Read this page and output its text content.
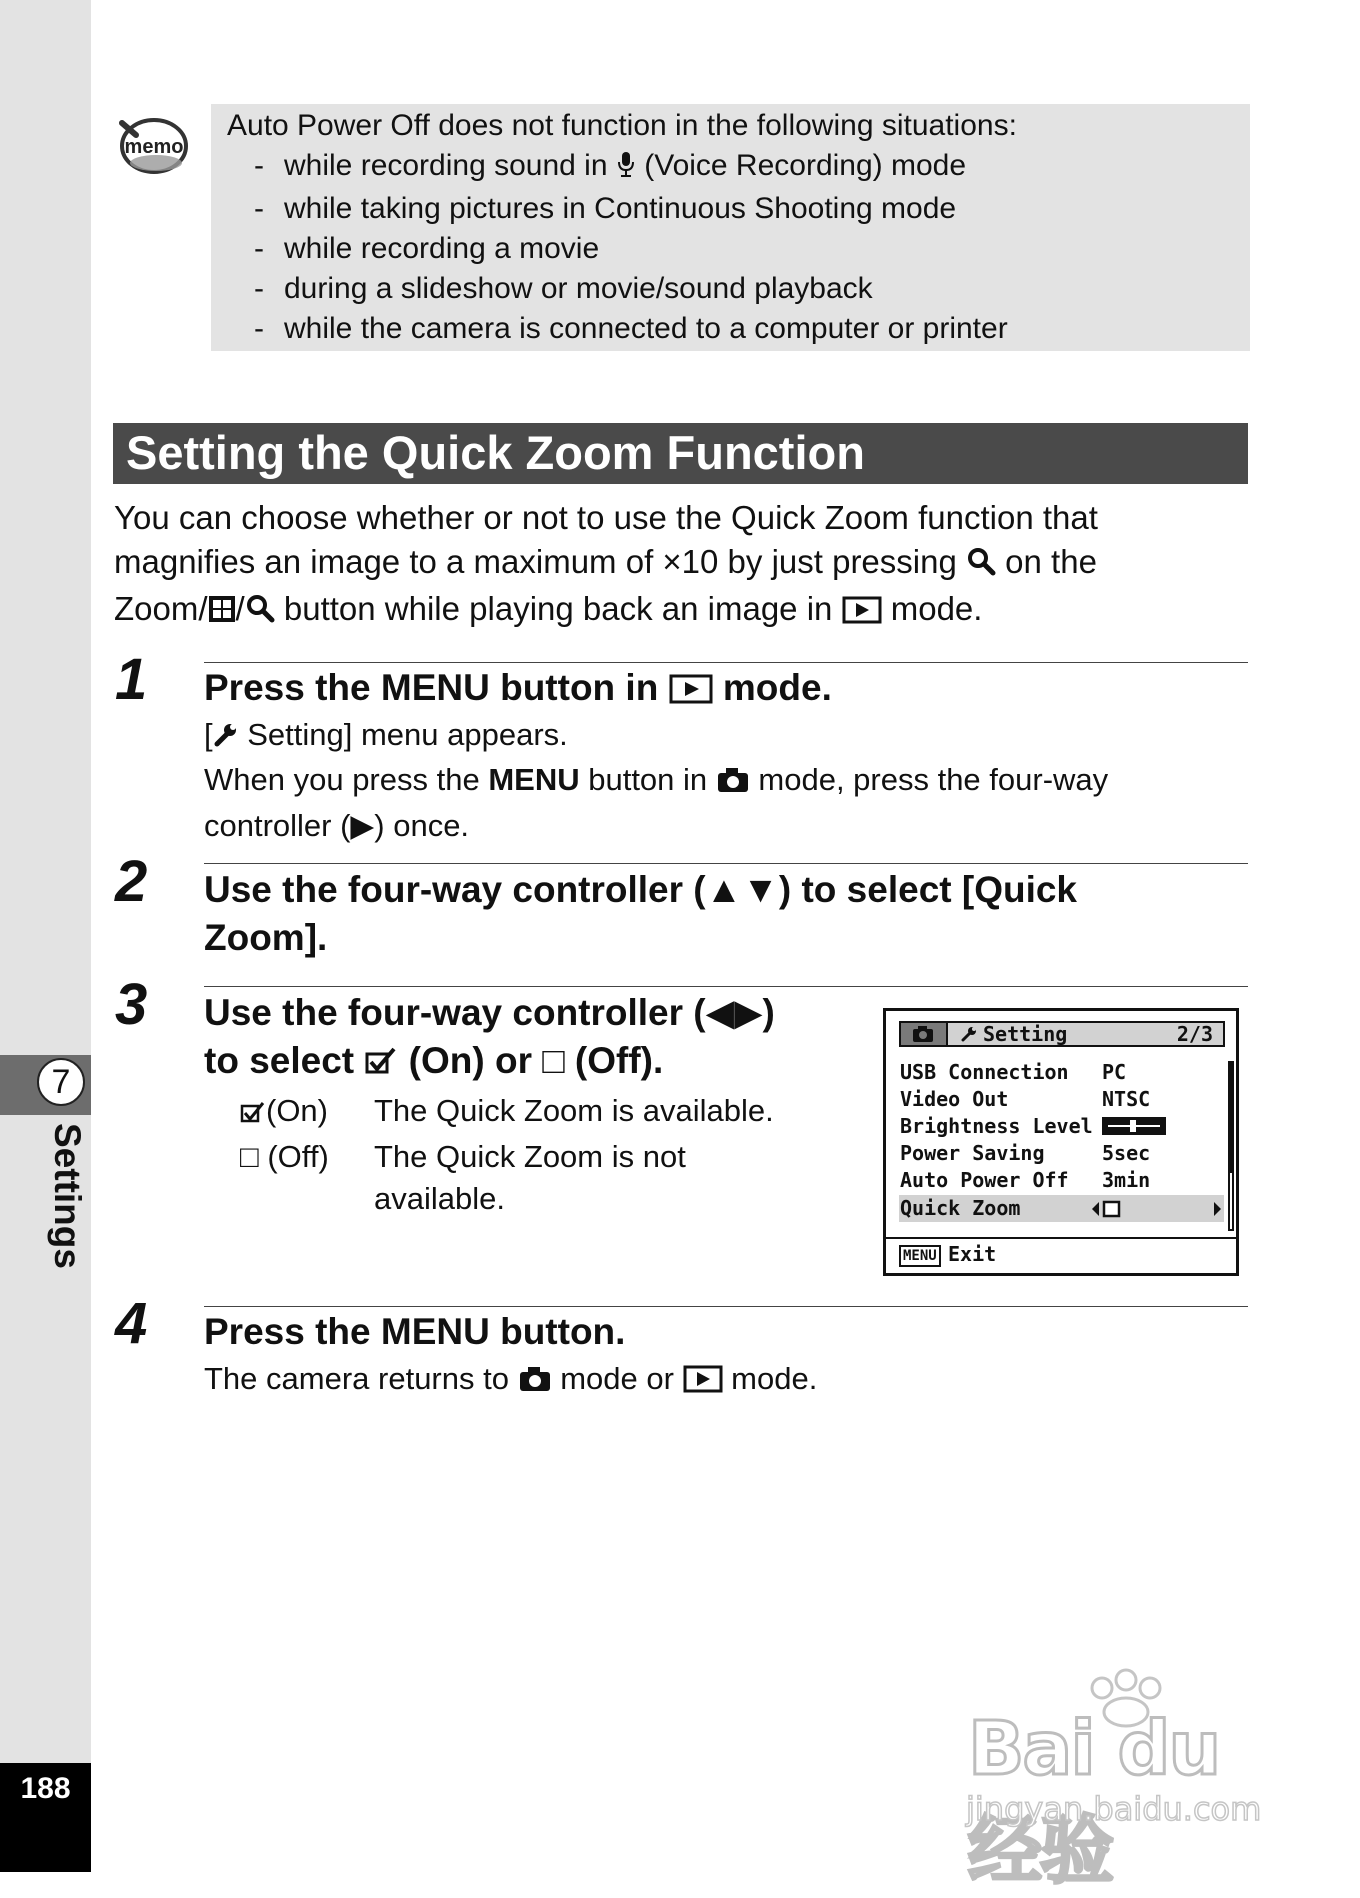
7
Settings
188
memo
Auto Power Off does not function in the following situations:
- while recording sound in (Voice Recording) mode
- while taking pictures in Continuous Shooting mode
- while recording a movie
- during a slideshow or movie/sound playback
- while the camera is connected to a computer or printer
Setting the Quick Zoom Function

You can choose whether or not to use the Quick Zoom function that

magnifies an image to a maximum of ×10 by just pressing on the

Zoom/ / button while playing back an image in mode.

1 Press the MENU button in  mode.

[ Setting] menu appears.

When you press the MENU button in  mode, press the four-way

controller (▶) once.

2 Use the four-way controller (▲▼) to select [Quick
Zoom].
3 Use the four-way controller (◀▶)
to select  (On) or □ (Off).
(On) The Quick Zoom is available.
□ (Off) The Quick Zoom is not
available.
Setting	2/3
USB Connection PC
Video Out	NTSC
Brightness Level
Power Saving	5sec
Auto Power Off 3min
Quick Zoom
MENU Exit
4 Press the MENU button.

The camera returns to  mode or  mode.

Bai du 经验
jingyan.baidu.com
